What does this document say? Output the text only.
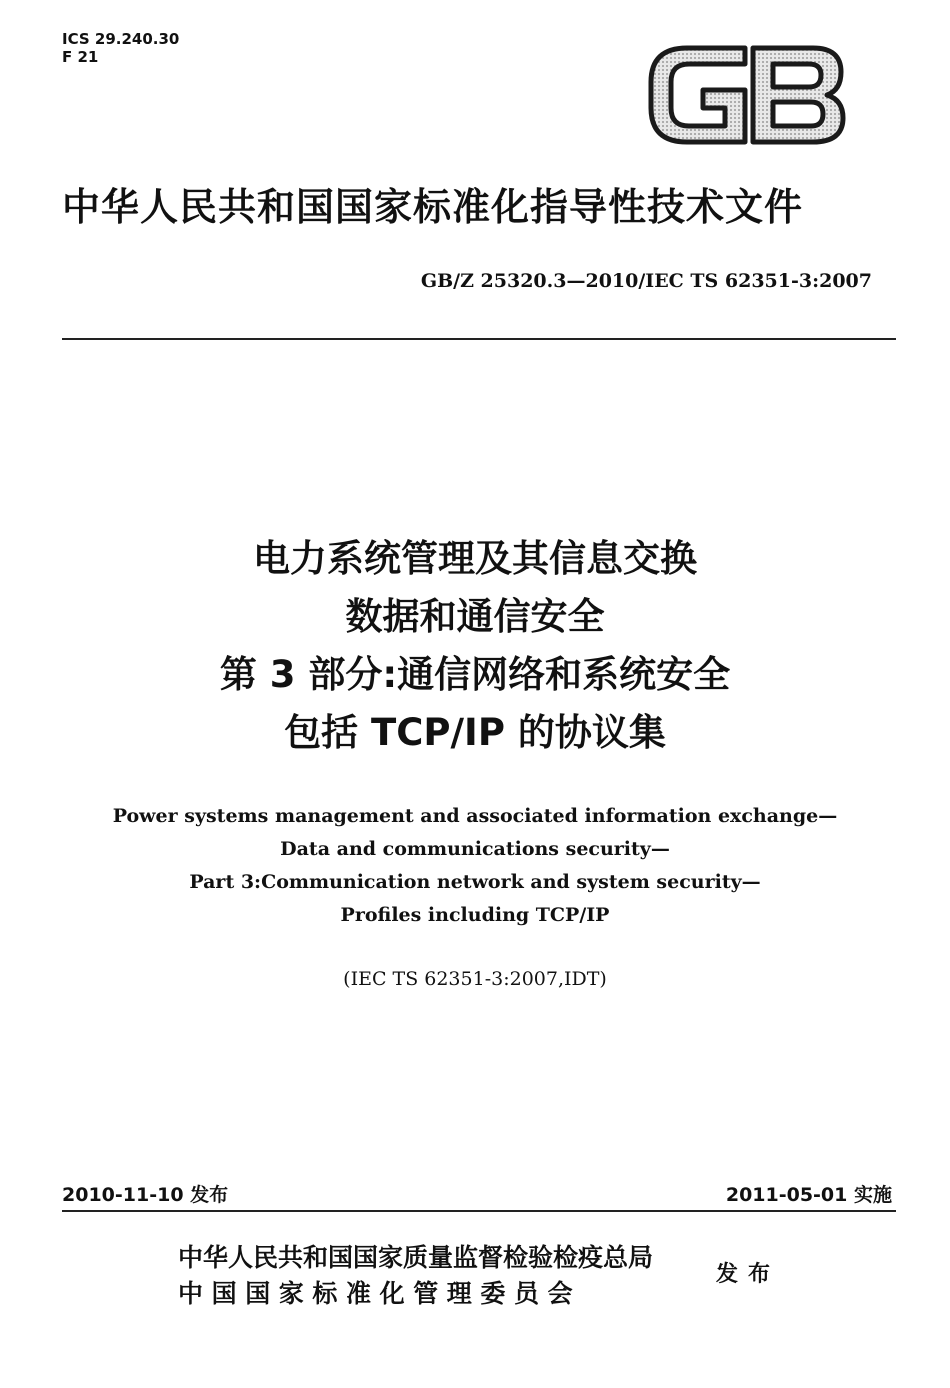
ICS 29.240.30
F 21
中华人民共和国国家标准化指导性技术文件
GB/Z 25320.3—2010/IEC TS 62351-3:2007
电力系统管理及其信息交换
数据和通信安全
第 3 部分:通信网络和系统安全
包括 TCP/IP 的协议集
Power systems management and associated information exchange—
Data and communications security—
Part 3:Communication network and system security—
Profiles including TCP/IP
(IEC TS 62351-3:2007,IDT)
2010-11-10 发布	2011-05-01 实施
中华人民共和国国家质量监督检验检疫总局
中国国家标准化管理委员会
发布
